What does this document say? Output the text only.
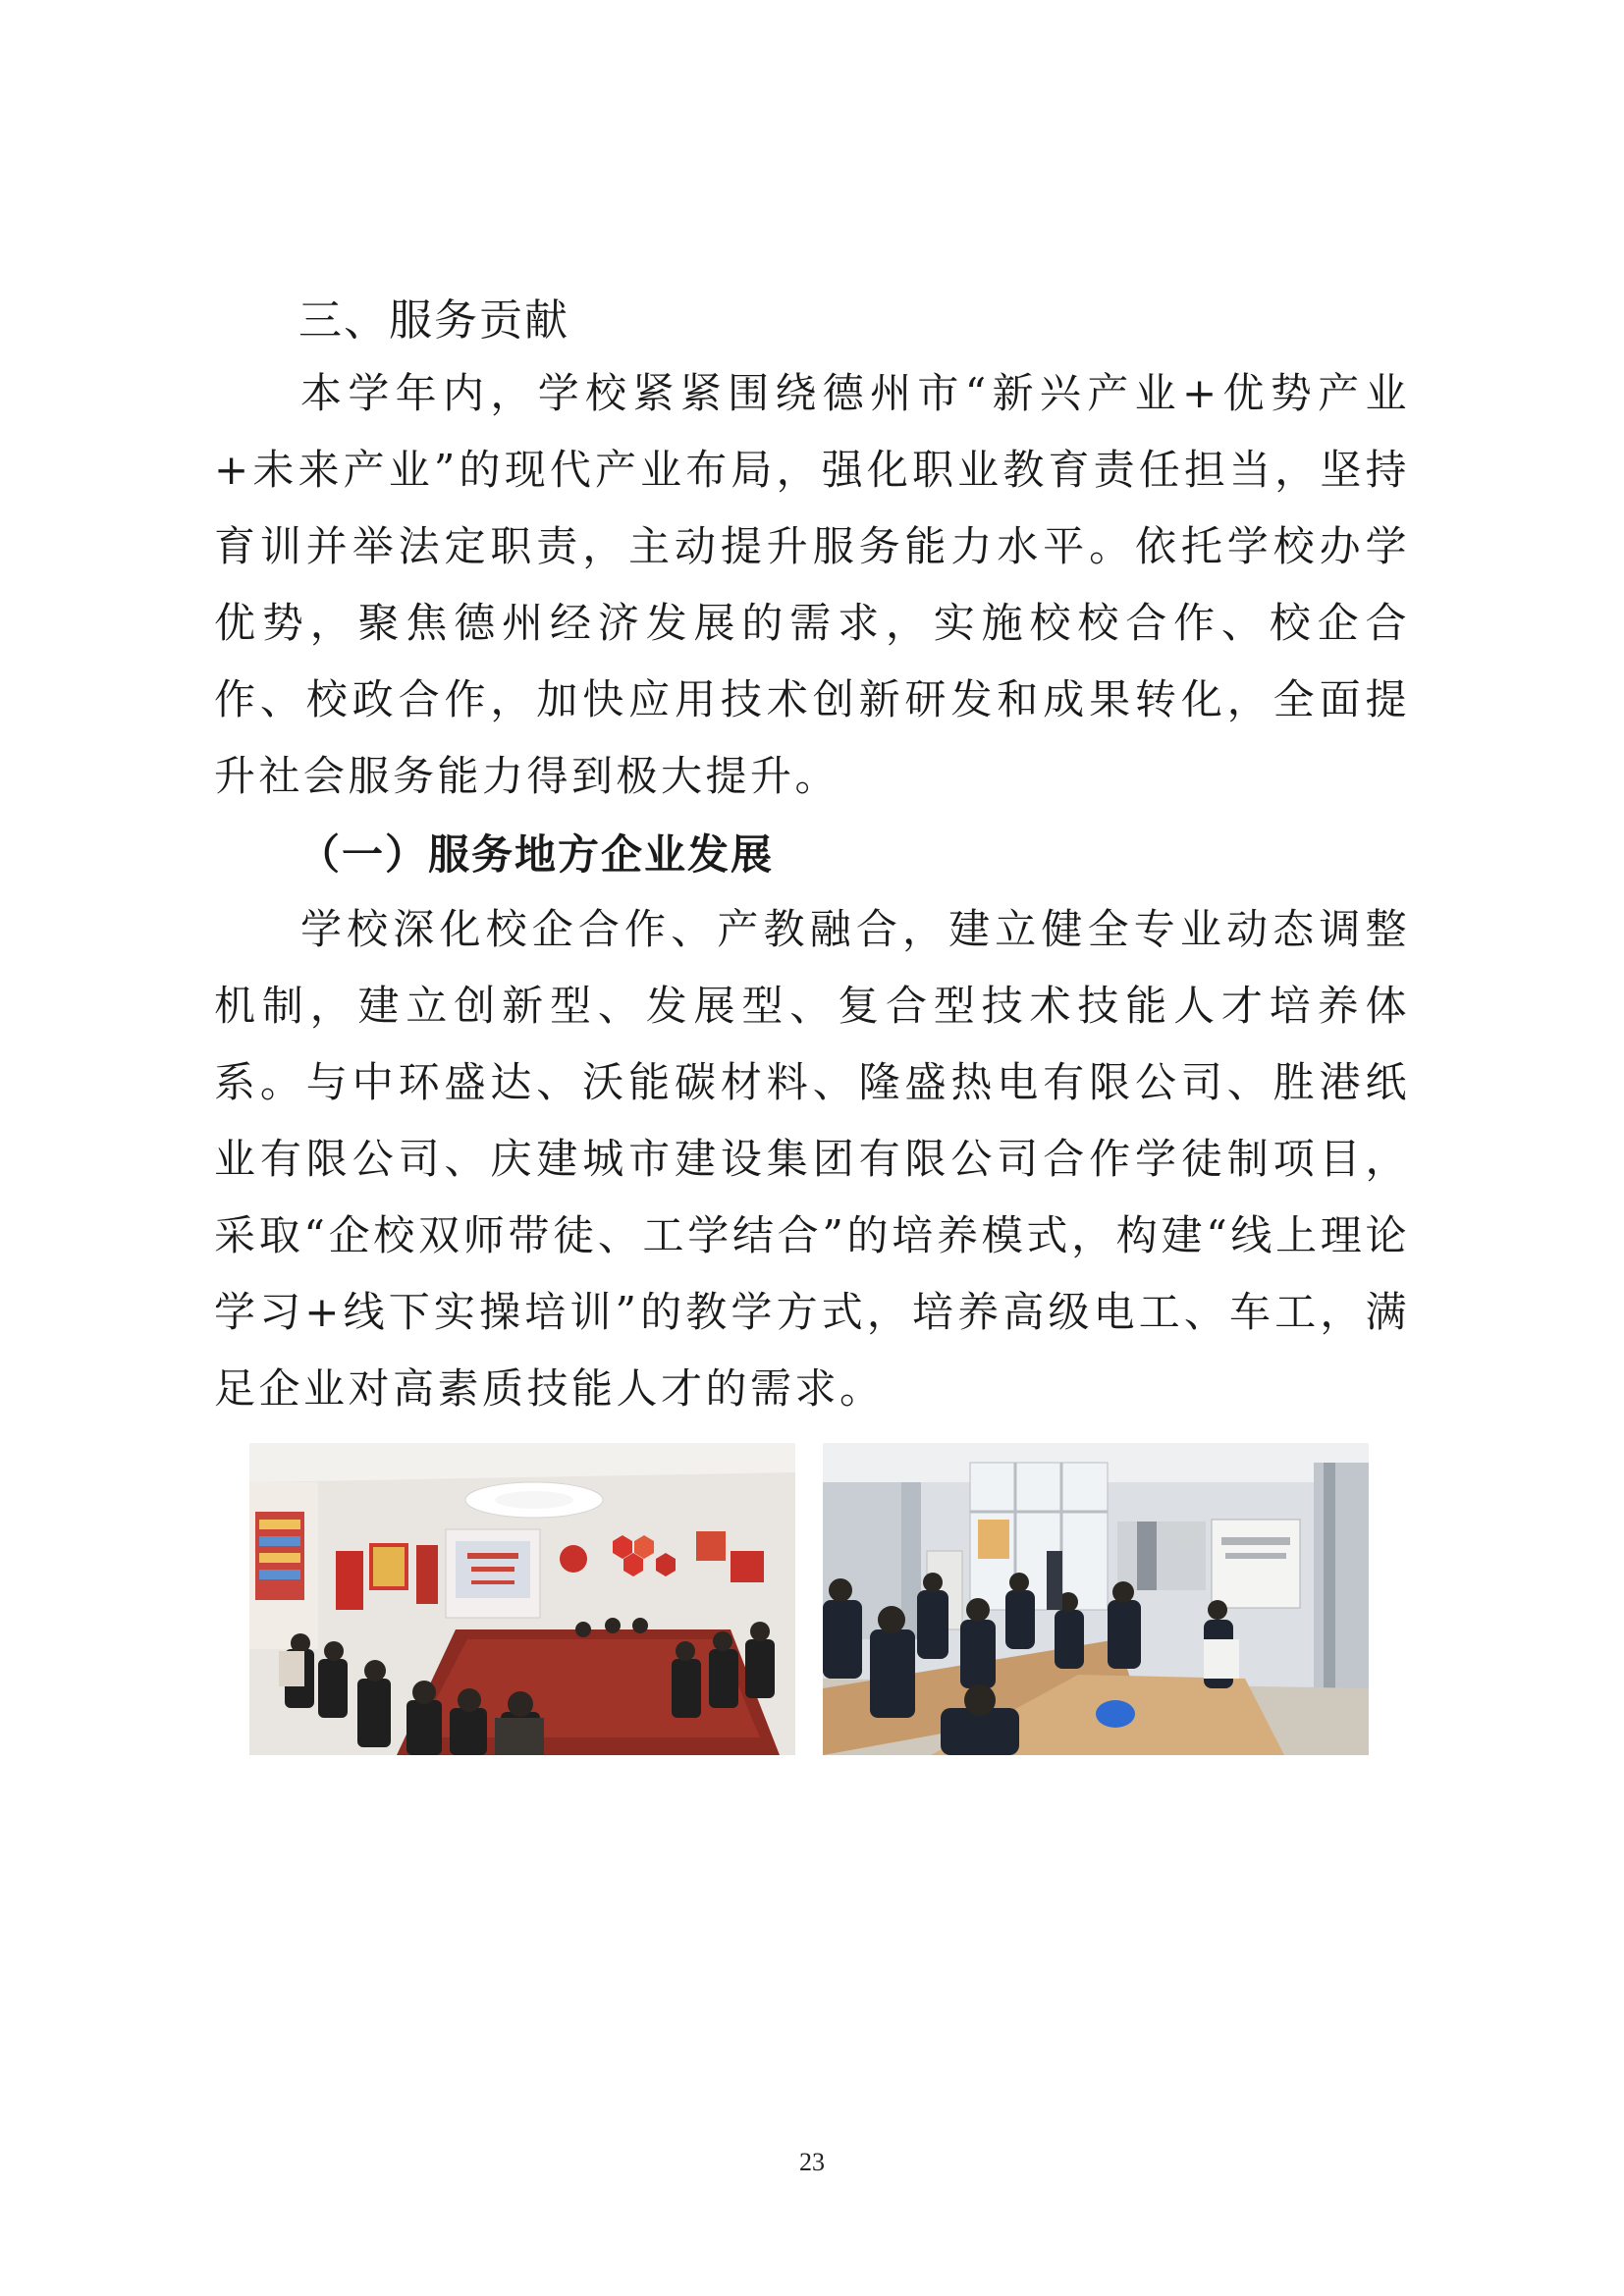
三、服务贡献

本学年内，学校紧紧围绕德州市“新兴产业+优势产业+未来产业”的现代产业布局，强化职业教育责任担当，坚持育训并举法定职责，主动提升服务能力水平。依托学校办学优势，聚焦德州经济发展的需求，实施校校合作、校企合作、校政合作，加快应用技术创新研发和成果转化，全面提升社会服务能力得到极大提升。

（一）服务地方企业发展

学校深化校企合作、产教融合，建立健全专业动态调整机制，建立创新型、发展型、复合型技术技能人才培养体系。与中环盛达、沃能碳材料、隆盛热电有限公司、胜港纸业有限公司、庆建城市建设集团有限公司合作学徒制项目，采取“企校双师带徒、工学结合”的培养模式，构建“线上理论学习+线下实操培训”的教学方式，培养高级电工、车工，满足企业对高素质技能人才的需求。

23
